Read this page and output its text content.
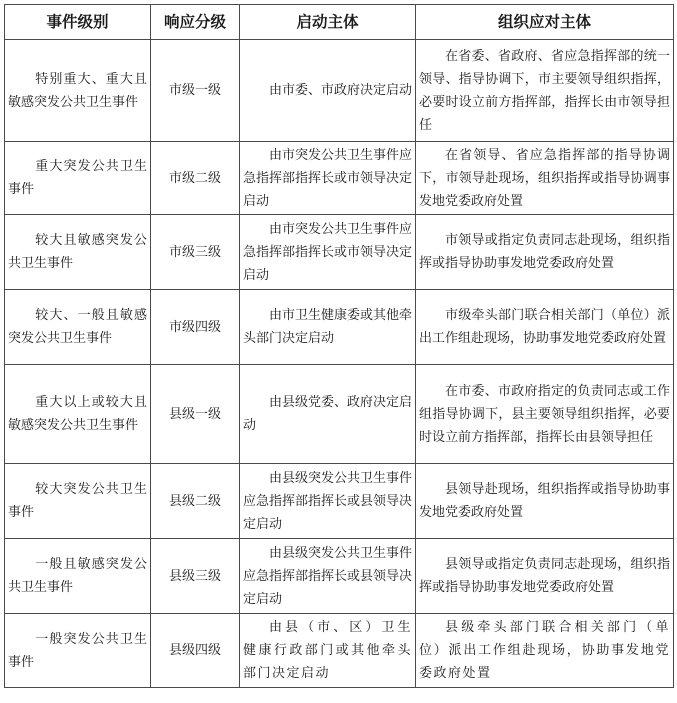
事件级别	响应分级	启动主体	组织应对主体
特别重大、重大且敏感突发公共卫生事件	市级一级	由市委、市政府决定启动	在省委、省政府、省应急指挥部的统一领导、指导协调下，市主要领导组织指挥，必要时设立前方指挥部，指挥长由市领导担任
重大突发公共卫生事件	市级二级	由市突发公共卫生事件应急指挥部指挥长或市领导决定启动	在省领导、省应急指挥部的指导协调下，市领导赴现场，组织指挥或指导协调事发地党委政府处置
较大且敏感突发公共卫生事件	市级三级	由市突发公共卫生事件应急指挥部指挥长或市领导决定启动	市领导或指定负责同志赴现场，组织指挥或指导协助事发地党委政府处置
较大、一般且敏感突发公共卫生事件	市级四级	由市卫生健康委或其他牵头部门决定启动	市级牵头部门联合相关部门（单位）派出工作组赴现场，协助事发地党委政府处置
重大以上或较大且敏感突发公共卫生事件	县级一级	由县级党委、政府决定启动	在市委、市政府指定的负责同志或工作组指导协调下，县主要领导组织指挥，必要时设立前方指挥部，指挥长由县领导担任
较大突发公共卫生事件	县级二级	由县级突发公共卫生事件应急指挥部指挥长或县领导决定启动	县领导赴现场，组织指挥或指导协助事发地党委政府处置
一般且敏感突发公共卫生事件	县级三级	由县级突发公共卫生事件应急指挥部指挥长或县领导决定启动	县领导或指定负责同志赴现场，组织指挥或指导协助事发地党委政府处置
一般突发公共卫生事件	县级四级	由县（市、区）卫生健康行政部门或其他牵头部门决定启动	县级牵头部门联合相关部门（单位）派出工作组赴现场，协助事发地党委政府处置
